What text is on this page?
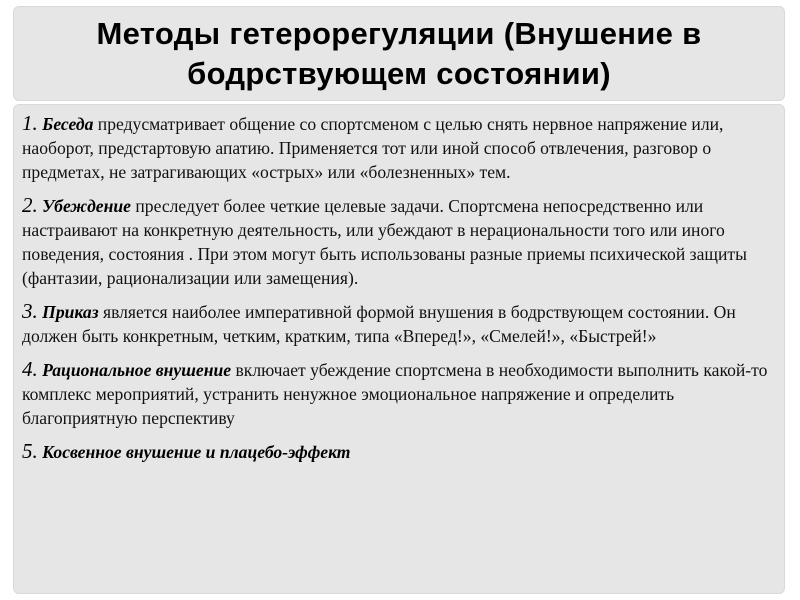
Методы гетерорегуляции (Внушение в бодрствующем состоянии)

1. Беседа предусматривает общение со спортсменом с целью снять нервное напряжение или, наоборот, предстартовую апатию. Применяется тот или иной способ отвлечения, разговор о предметах, не затрагивающих «острых» или «болезненных» тем.

2. Убеждение преследует более четкие целевые задачи. Спортсмена непосредственно или настраивают на конкретную деятельность, или убеждают в нерациональности того или иного поведения, состояния . При этом могут быть использованы разные приемы психической защиты (фантазии, рационализации или замещения).

3. Приказ является наиболее императивной формой внушения в бодрствующем состоянии. Он должен быть конкретным, четким, кратким, типа «Вперед!», «Смелей!», «Быстрей!»

4. Рациональное внушение включает убеждение спортсмена в необходимости выполнить какой-то комплекс мероприятий, устранить ненужное эмоциональное напряжение и определить благоприятную перспективу

5. Косвенное внушение и плацебо-эффект
